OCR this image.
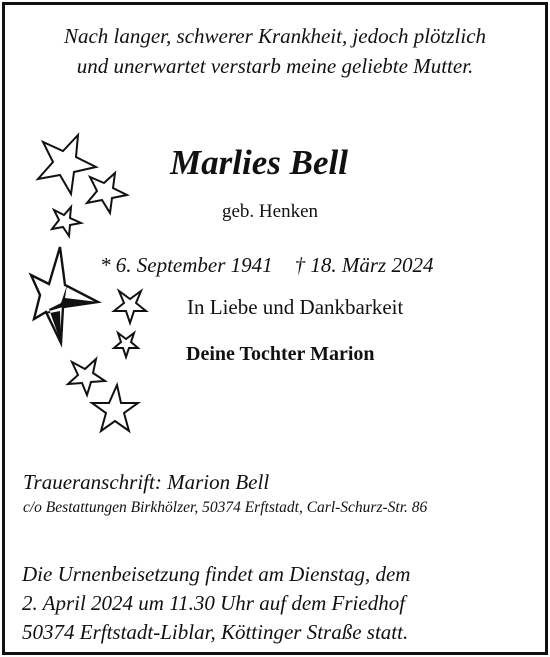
Nach langer, schwerer Krankheit, jedoch plötzlich
und unerwartet verstarb meine geliebte Mutter.
Marlies Bell
geb. Henken
* 6. September 1941 † 18. März 2024
In Liebe und Dankbarkeit
Deine Tochter Marion
Traueranschrift: Marion Bell
c/o Bestattungen Birkhölzer, 50374 Erftstadt, Carl-Schurz-Str. 86
Die Urnenbeisetzung findet am Dienstag, dem
2. April 2024 um 11.30 Uhr auf dem Friedhof
50374 Erftstadt-Liblar, Köttinger Straße statt.
